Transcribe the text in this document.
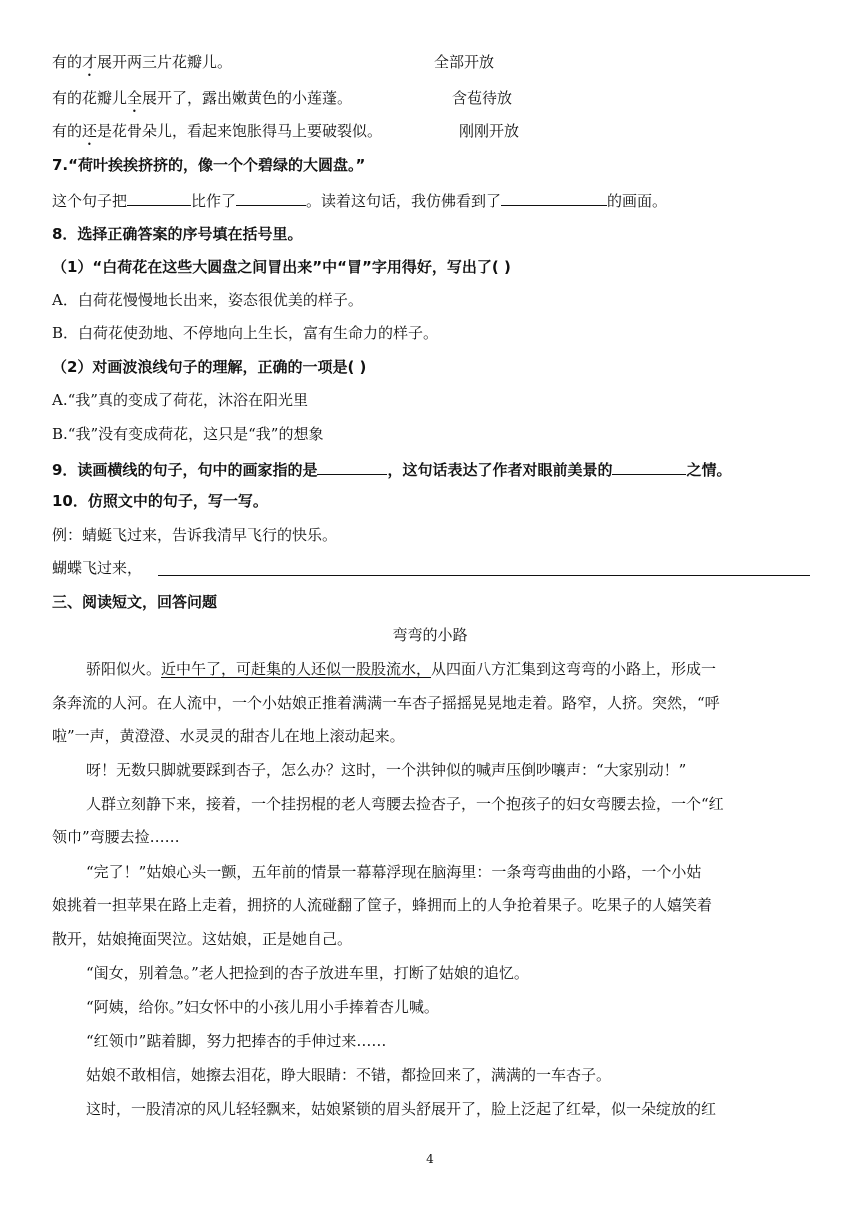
有的才展开两三片花瓣儿。	全部开放
有的花瓣儿全展开了，露出嫩黄色的小莲蓬。	含苞待放
有的还是花骨朵儿，看起来饱胀得马上要破裂似。	刚刚开放
7.“荷叶挨挨挤挤的，像一个个碧绿的大圆盘。”
这个句子把	比作了	。读着这句话，我仿佛看到了	的画面。
8．选择正确答案的序号填在括号里。
（1）“白荷花在这些大圆盘之间冒出来”中“冒”字用得好，写出了( )
A．白荷花慢慢地长出来，姿态很优美的样子。
B．白荷花使劲地、不停地向上生长，富有生命力的样子。
（2）对画波浪线句子的理解，正确的一项是( )
A.“我”真的变成了荷花，沐浴在阳光里
B.“我”没有变成荷花，这只是“我”的想象
9．读画横线的句子，句中的画家指的是	，这句话表达了作者对眼前美景的	之情。
10．仿照文中的句子，写一写。
例：蜻蜓飞过来，告诉我清早飞行的快乐。
蝴蝶飞过来，
三、阅读短文，回答问题
弯弯的小路
骄阳似火。近中午了，可赶集的人还似一股股流水，从四面八方汇集到这弯弯的小路上，形成一
条奔流的人河。在人流中，一个小姑娘正推着满满一车杏子摇摇晃晃地走着。路窄，人挤。突然，“呼
啦”一声，黄澄澄、水灵灵的甜杏儿在地上滚动起来。
呀！无数只脚就要踩到杏子，怎么办？这时，一个洪钟似的喊声压倒吵嚷声：“大家别动！”
人群立刻静下来，接着，一个挂拐棍的老人弯腰去捡杏子，一个抱孩子的妇女弯腰去捡，一个“红
领巾”弯腰去捡……
“完了！”姑娘心头一颤，五年前的情景一幕幕浮现在脑海里：一条弯弯曲曲的小路，一个小姑
娘挑着一担苹果在路上走着，拥挤的人流碰翻了筐子，蜂拥而上的人争抢着果子。吃果子的人嬉笑着
散开，姑娘掩面哭泣。这姑娘，正是她自己。
“闺女，别着急。”老人把捡到的杏子放进车里，打断了姑娘的追忆。
“阿姨，给你。”妇女怀中的小孩儿用小手捧着杏儿喊。
“红领巾”踮着脚，努力把捧杏的手伸过来……
姑娘不敢相信，她擦去泪花，睁大眼睛：不错，都捡回来了，满满的一车杏子。
这时，一股清凉的风儿轻轻飘来，姑娘紧锁的眉头舒展开了，脸上泛起了红晕，似一朵绽放的红
4
